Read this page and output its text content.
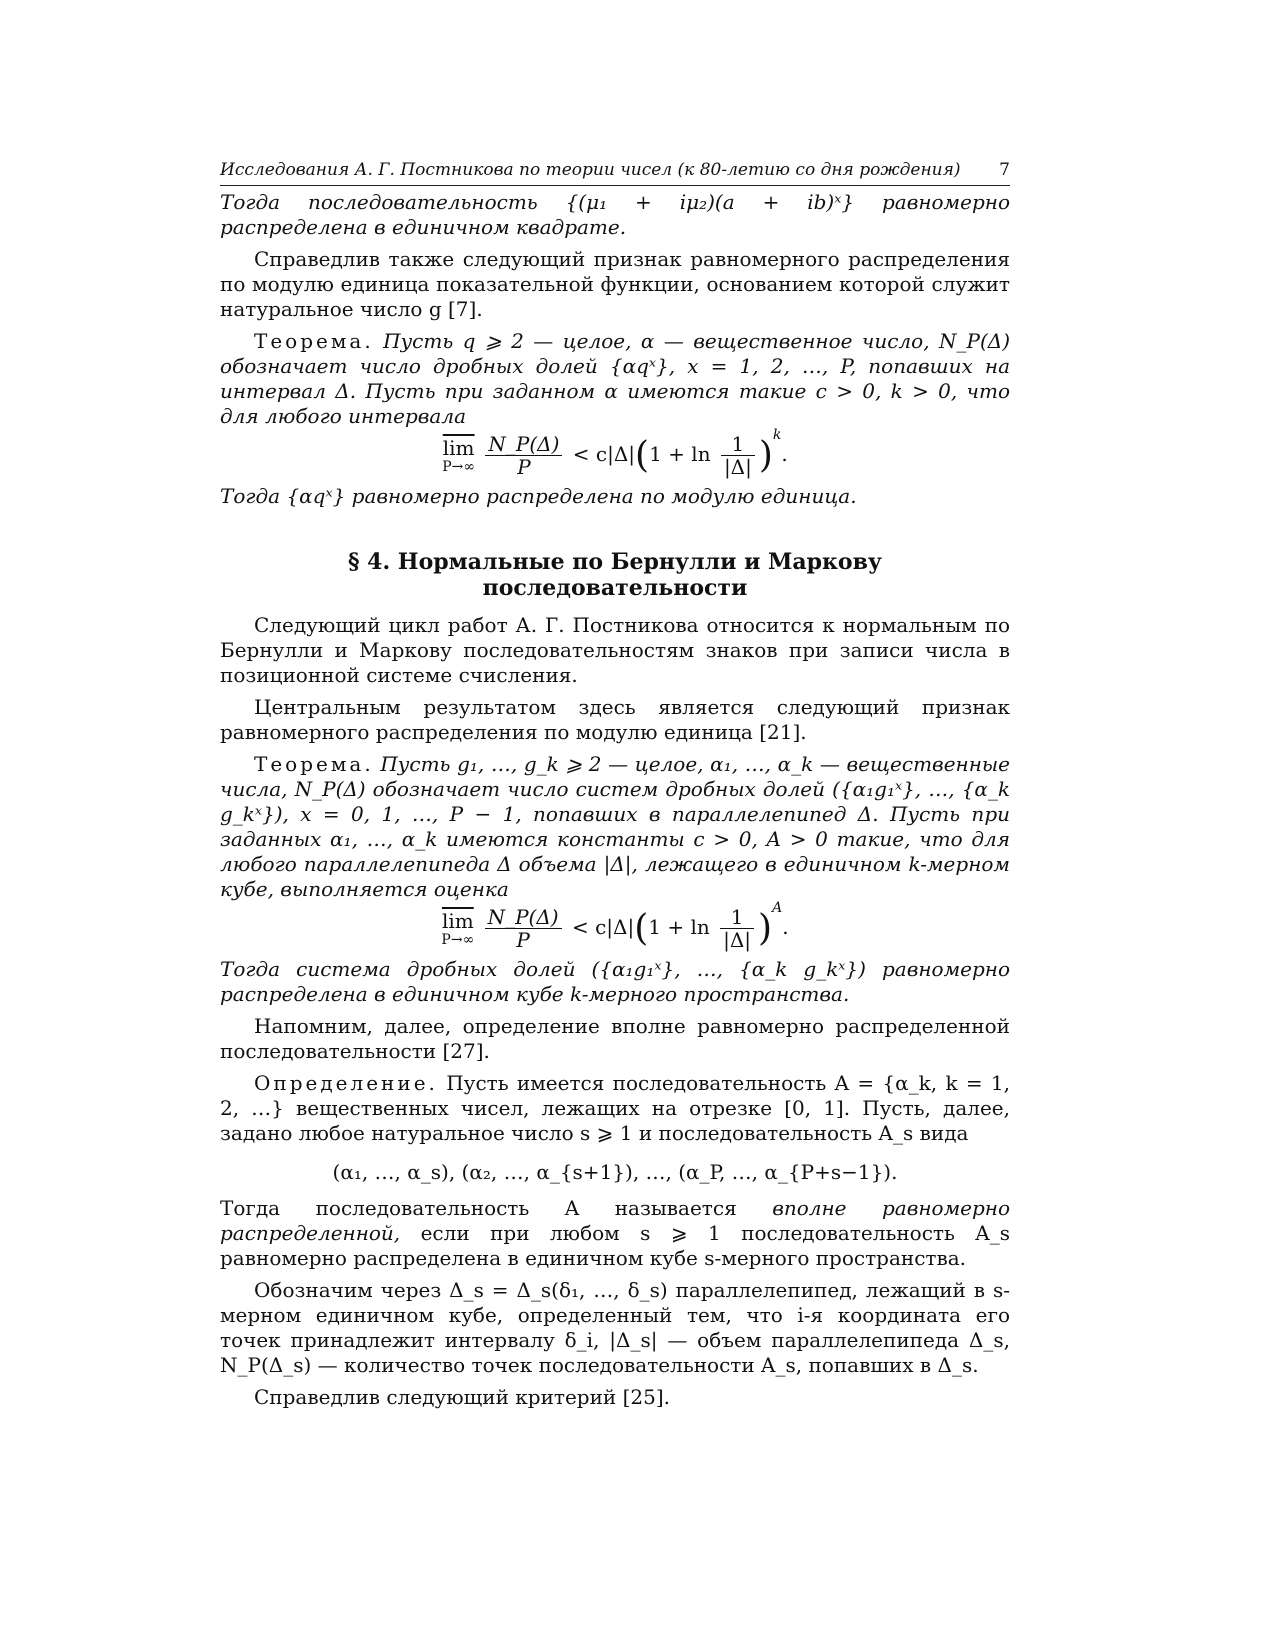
Исследования А. Г. Постникова по теории чисел (к 80-летию со дня рождения) 7

Тогда последовательность {(μ₁ + iμ₂)(a + ib)ˣ} равномерно распределена в единичном квадрате.

Справедлив также следующий признак равномерного распределения по модулю единица показательной функции, основанием которой служит натуральное число g [7].

Теорема. Пусть q ⩾ 2 — целое, α — вещественное число, N_P(Δ) обозначает число дробных долей {αqˣ}, x = 1, 2, …, P, попавших на интервал Δ. Пусть при заданном α имеются такие c > 0, k > 0, что для любого интервала

$\overline{lim}$
P→∞
$\frac{N\_P(\Delta)}{P} < c|\Delta|(1 + \ln \frac{1}{|\Delta|} )^k$.

Тогда {αqˣ} равномерно распределена по модулю единица.

§ 4. Нормальные по Бернулли и Маркову последовательности

Следующий цикл работ А. Г. Постникова относится к нормальным по Бернулли и Маркову последовательностям знаков при записи числа в позиционной системе счисления.

Центральным результатом здесь является следующий признак равномерного распределения по модулю единица [21].

Теорема. Пусть g₁, …, g_k ⩾ 2 — целое, α₁, …, α_k — вещественные числа, N_P(Δ) обозначает число систем дробных долей ({α₁g₁ˣ}, …, {α_k g_kˣ}), x = 0, 1, …, P − 1, попавших в параллелепипед Δ. Пусть при заданных α₁, …, α_k имеются константы c > 0, A > 0 такие, что для любого параллелепипеда Δ объема |Δ|, лежащего в единичном k-мерном кубе, выполняется оценка

$\overline{lim}$
P→∞
$\frac{N\_P(\Delta)}{P} < c|\Delta|(1 + \ln \frac{1}{|\Delta|} )^A$.

Тогда система дробных долей ({α₁g₁ˣ}, …, {α_k g_kˣ}) равномерно распределена в единичном кубе k-мерного пространства.

Напомним, далее, определение вполне равномерно распределенной последовательности [27].

Определение. Пусть имеется последовательность A = {α_k, k = 1, 2, …} вещественных чисел, лежащих на отрезке [0, 1]. Пусть, далее, задано любое натуральное число s ⩾ 1 и последовательность A_s вида

(α₁, …, α_s), (α₂, …, α_{s+1}), …, (α_P, …, α_{P+s−1}).

Тогда последовательность A называется вполне равномерно распределенной, если при любом s ⩾ 1 последовательность A_s равномерно распределена в единичном кубе s-мерного пространства.

Обозначим через Δ_s = Δ_s(δ₁, …, δ_s) параллелепипед, лежащий в s-мерном единичном кубе, определенный тем, что i-я координата его точек принадлежит интервалу δ_i, |Δ_s| — объем параллелепипеда Δ_s, N_P(Δ_s) — количество точек последовательности A_s, попавших в Δ_s.

Справедлив следующий критерий [25].
